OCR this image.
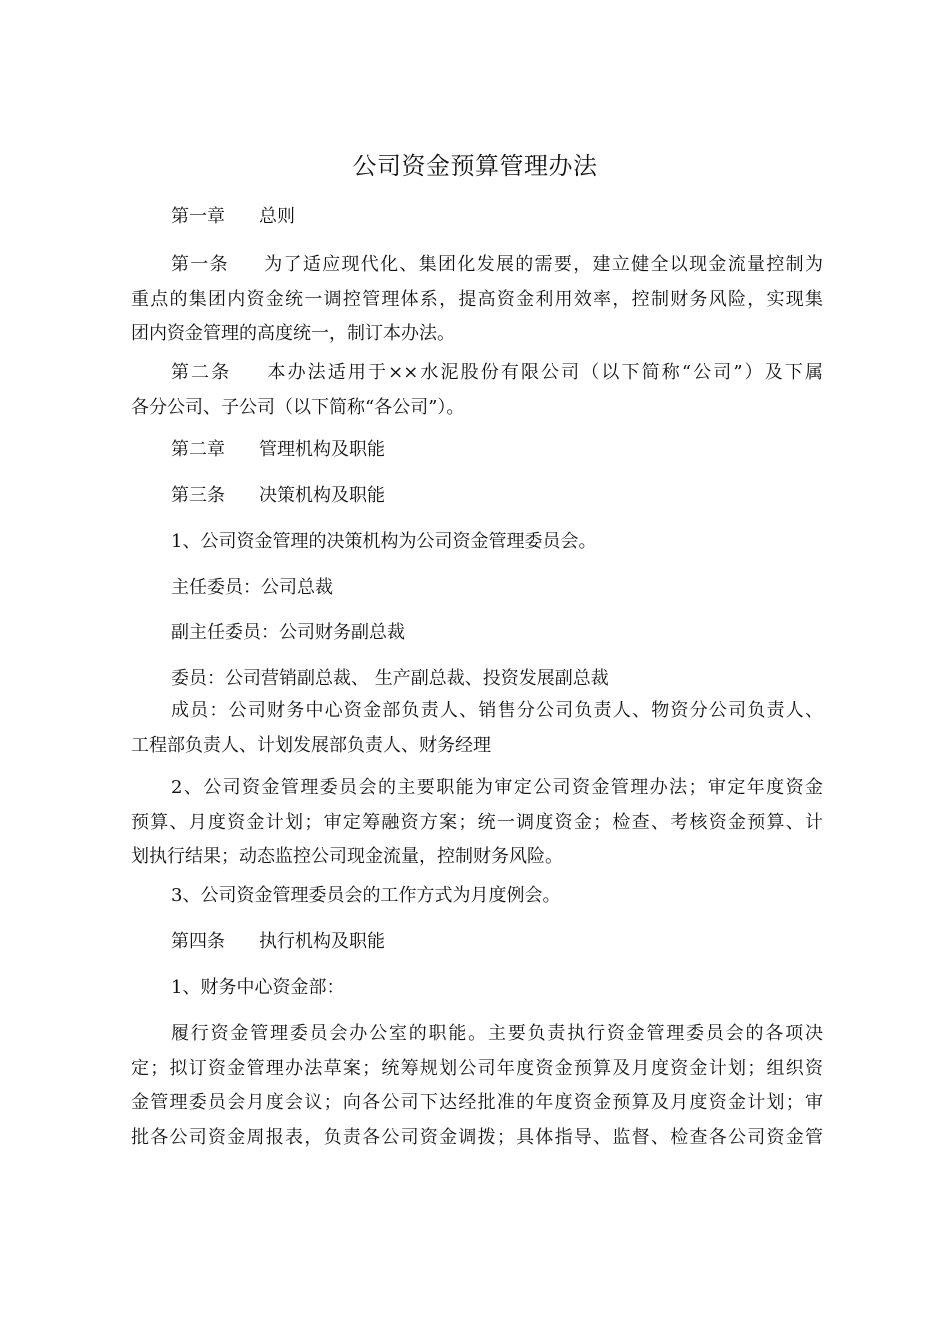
公司资金预算管理办法
第一章 总则
第一条 为了适应现代化、集团化发展的需要，建立健全以现金流量控制为
重点的集团内资金统一调控管理体系，提高资金利用效率，控制财务风险，实现集
团内资金管理的高度统一，制订本办法。
第二条 本办法适用于××水泥股份有限公司（以下简称“公司”）及下属
各分公司、子公司（以下简称“各公司”）。
第二章 管理机构及职能
第三条 决策机构及职能
1、公司资金管理的决策机构为公司资金管理委员会。
主任委员：公司总裁
副主任委员：公司财务副总裁
委员：公司营销副总裁、 生产副总裁、投资发展副总裁
成员：公司财务中心资金部负责人、销售分公司负责人、物资分公司负责人、
工程部负责人、计划发展部负责人、财务经理
2、公司资金管理委员会的主要职能为审定公司资金管理办法；审定年度资金
预算、月度资金计划；审定筹融资方案；统一调度资金；检查、考核资金预算、计
划执行结果；动态监控公司现金流量，控制财务风险。
3、公司资金管理委员会的工作方式为月度例会。
第四条 执行机构及职能
1、财务中心资金部：
履行资金管理委员会办公室的职能。主要负责执行资金管理委员会的各项决
定；拟订资金管理办法草案；统筹规划公司年度资金预算及月度资金计划；组织资
金管理委员会月度会议；向各公司下达经批准的年度资金预算及月度资金计划；审
批各公司资金周报表，负责各公司资金调拨；具体指导、监督、检查各公司资金管
